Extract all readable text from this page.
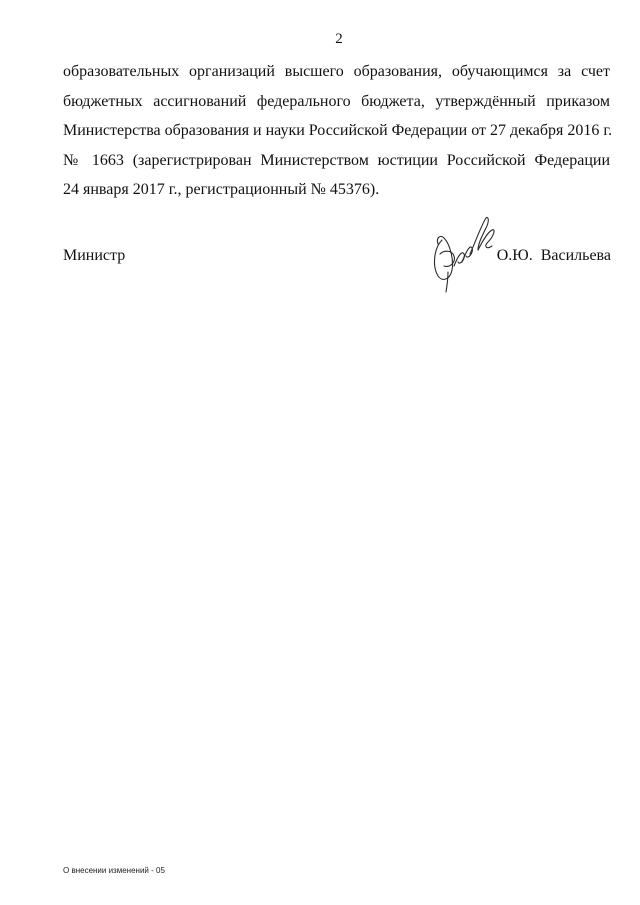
2
образовательных организаций высшего образования, обучающимся за счет
бюджетных ассигнований федерального бюджета, утверждённый приказом
Министерства образования и науки Российской Федерации от 27 декабря 2016 г.
№ 1663 (зарегистрирован Министерством юстиции Российской Федерации
24 января 2017 г., регистрационный № 45376).
Министр	О.Ю. Васильева
О внесении изменений - 05
